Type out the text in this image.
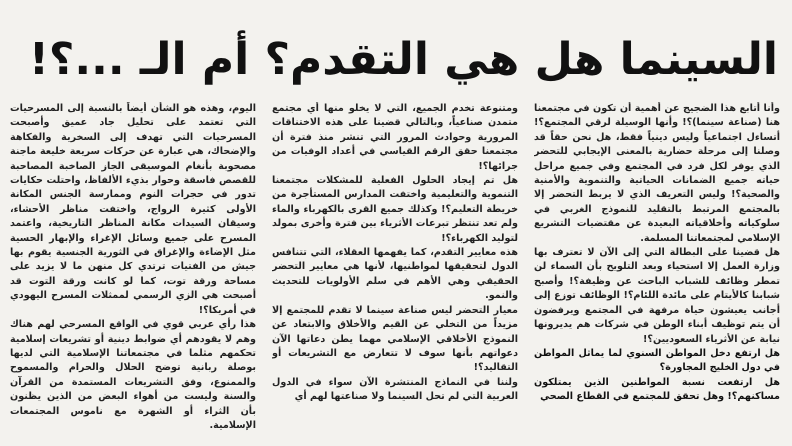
السينما هل هي التقدم؟ أم الـ ...؟!

وأنا أتابع هذا الضجيج عن أهمية أن تكون في مجتمعنا هنا (صناعة سينما)؟! وأنها الوسيلة لرقي المجتمع؟! أتساءل اجتماعياً وليس دينياً فقط، هل نحن حقاً قد وصلنا إلى مرحلة حضارية بالمعنى الإيجابي للتحضر الذي يوفر لكل فرد في المجتمع وفي جميع مراحل حياته جميع الضمانات الحياتية والتنموية والأمنية والصحية؟! وليس التعريف الذي لا يربط التحضر إلا بالمجتمع المرتبط بالتقليد للنموذج الغربي في سلوكياته وأخلاقياته البعيدة عن مقتضيات التشريع الإسلامي لمجتمعاتنا المسلمة.

هل قضينا على البطالة التي إلى الآن لا تعترف بها وزارة العمل إلا استحياء وبعد التلويح بأن السماء لن تمطر وظائف للشباب الباحث عن وظيفة؟! وأصبح شبابنا كالأيتام على مائدة اللئام؟! الوظائف توزع إلى أجانب يعيشون حياة مرفهة في المجتمع ويرفضون أن يتم توظيف أبناء الوطن في شركات هم يديرونها نيابة عن الأثرياء السعوديين؟!

هل ارتفع دخل المواطن السنوي لما يماثل المواطن في دول الخليج المجاورة؟

هل ارتفعت نسبة المواطنين الذين يمتلكون مساكنهم؟! وهل تحقق للمجتمع في القطاع الصحي

ومتنوعة تخدم الجميع، التي لا يخلو منها أي مجتمع متمدن صناعياً، وبالتالي قضينا على هذه الاختناقات المرورية وحوادث المرور التي تنشر منذ فترة أن مجتمعنا حقق الرقم القياسي في أعداد الوفيات من جرائها؟!

هل تم إيجاد الحلول الفعلية للمشكلات مجتمعنا التنموية والتعليمية واختفت المدارس المستأجرة من خريطة التعليم؟! وكذلك جميع القرى بالكهرباء والماء ولم تعد تنتظر تبرعات الأثرياء بين فترة وأخرى بمولد لتوليد الكهرباء؟!

هذه معايير التقدم، كما يفهمها العقلاء، التي تتنافس الدول لتحقيقها لمواطنيها، لأنها هي معايير التحضر الحقيقي وهي الأهم في سلم الأولويات للتحديث والنمو.

معيار التحضر ليس صناعة سينما لا تقدم للمجتمع إلا مزيداً من التخلي عن القيم والأخلاق والابتعاد عن النموذج الأخلاقي الإسلامي مهما يطن دعاتها الآن دعواتهم بأنها سوف لا تتعارض مع التشريعات أو التقاليد؟!

ولننا في النماذج المنتشرة الآن سواء في الدول العربية التي لم تحل السينما ولا صناعتها لهم أي

اليوم، وهذه هو الشأن أيضاً بالنسبة إلى المسرحيات التي تعتمد على تحليل جاد عميق وأصبحت المسرحيات التي تهدف إلى السخرية والفكاهة والإضحاك، هي عبارة عن حركات سريعة خليعة ماجنة مصحوبة بأنغام الموسيقى الجاز الصاخبة المصاحبة للقصص فاسقة وحوار بذيء الألفاظ، واحتلت حكايات تدور في حجرات النوم وممارسة الجنس المكانة الأولى كثيرة الرواج، واختفت مناظر الأحشاء، وسيقان السيدات مكانة المناظر التاريخية، واعتمد المسرح على جميع وسائل الإغراء والإبهار الحسية مثل الإضاءة والإغراق في الثورية الجنسية يقوم بها جيش من الفتيات ترتدي كل منهن ما لا يزيد على مساحة ورقة توت، كما لو كانت ورقة التوت قد أصبحت هي الزي الرسمي لممثلات المسرح اليهودي في أمريكا؟!

هذا رأي عربي قوي في الواقع المسرحي لهم هناك وهم لا يقودهم أي ضوابط دينية أو تشريعات إسلامية تحكمهم مثلما في مجتمعاتنا الإسلامية التي لديها بوصلة ربانية توضح الحلال والحرام والمسموح والممنوع، وفق التشريعات المستمدة من القرآن والسنة وليست من أهواء البعض من الذين يظنون بأن الثراء أو الشهرة مع ناموس المجتمعات الإسلامية.
